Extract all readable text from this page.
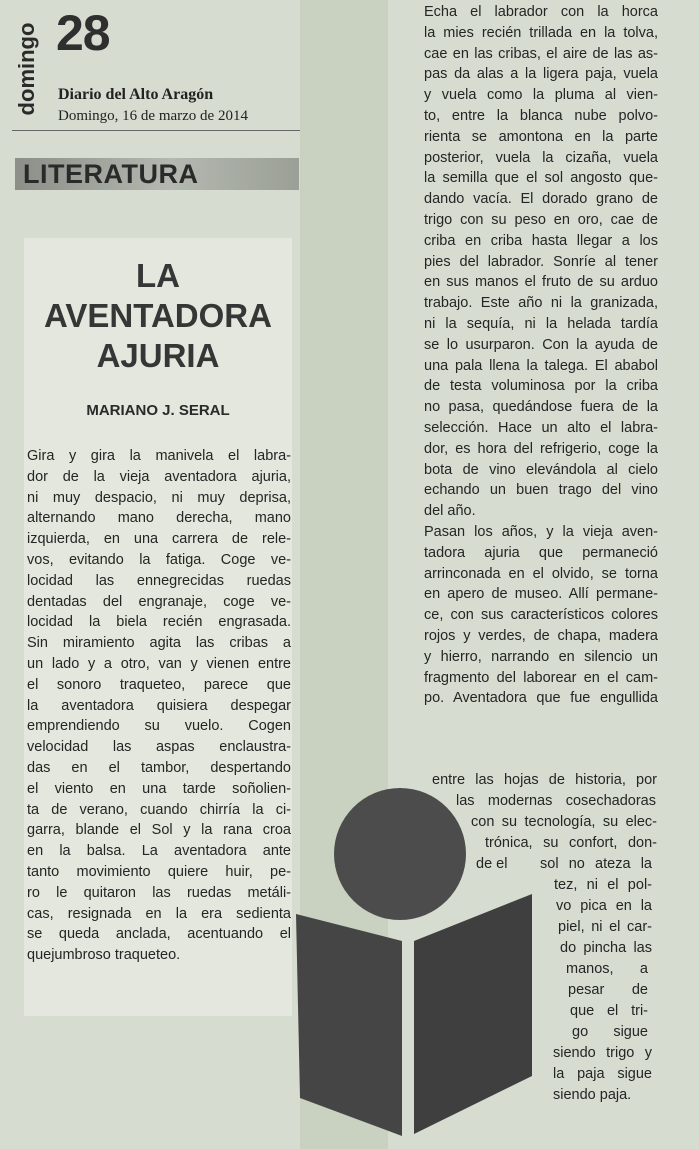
domingo 28
Diario del Alto Aragón
Domingo, 16 de marzo de 2014
LITERATURA
LA
AVENTADORA
AJURIA
MARIANO J. SERAL
Gira y gira la manivela el labra-
dor de la vieja aventadora ajuria,
ni muy despacio, ni muy deprisa,
alternando mano derecha, mano
izquierda, en una carrera de rele-
vos, evitando la fatiga. Coge ve-
locidad las ennegrecidas ruedas
dentadas del engranaje, coge ve-
locidad la biela recién engrasada.
Sin miramiento agita las cribas a
un lado y a otro, van y vienen entre
el sonoro traqueteo, parece que
la aventadora quisiera despegar
emprendiendo su vuelo. Cogen
velocidad las aspas enclaustra-
das en el tambor, despertando
el viento en una tarde soñolien-
ta de verano, cuando chirría la ci-
garra, blande el Sol y la rana croa
en la balsa. La aventadora ante
tanto movimiento quiere huir, pe-
ro le quitaron las ruedas metáli-
cas, resignada en la era sedienta
se queda anclada, acentuando el
quejumbroso traqueteo.
Echa el labrador con la horca
la mies recién trillada en la tolva,
cae en las cribas, el aire de las as-
pas da alas a la ligera paja, vuela
y vuela como la pluma al vien-
to, entre la blanca nube polvo-
rienta se amontona en la parte
posterior, vuela la cizaña, vuela
la semilla que el sol angosto que-
dando vacía. El dorado grano de
trigo con su peso en oro, cae de
criba en criba hasta llegar a los
pies del labrador. Sonríe al tener
en sus manos el fruto de su arduo
trabajo. Este año ni la granizada,
ni la sequía, ni la helada tardía
se lo usurparon. Con la ayuda de
una pala llena la talega. El ababol
de testa voluminosa por la criba
no pasa, quedándose fuera de la
selección. Hace un alto el labra-
dor, es hora del refrigerio, coge la
bota de vino elevándola al cielo
echando un buen trago del vino
del año.
Pasan los años, y la vieja aven-
tadora ajuria que permaneció
arrinconada en el olvido, se torna
en apero de museo. Allí permane-
ce, con sus característicos colores
rojos y verdes, de chapa, madera
y hierro, narrando en silencio un
fragmento del laborear en el cam-
po. Aventadora que fue engullida
entre las hojas de historia, por
las modernas cosechadoras
con su tecnología, su elec-
trónica, su confort, don-
de el	sol no ateza la
tez, ni el pol-
vo pica en la
piel, ni el car-
do pincha las
manos, a
pesar de
que el tri-
go sigue
siendo trigo y
la paja sigue
siendo paja.
